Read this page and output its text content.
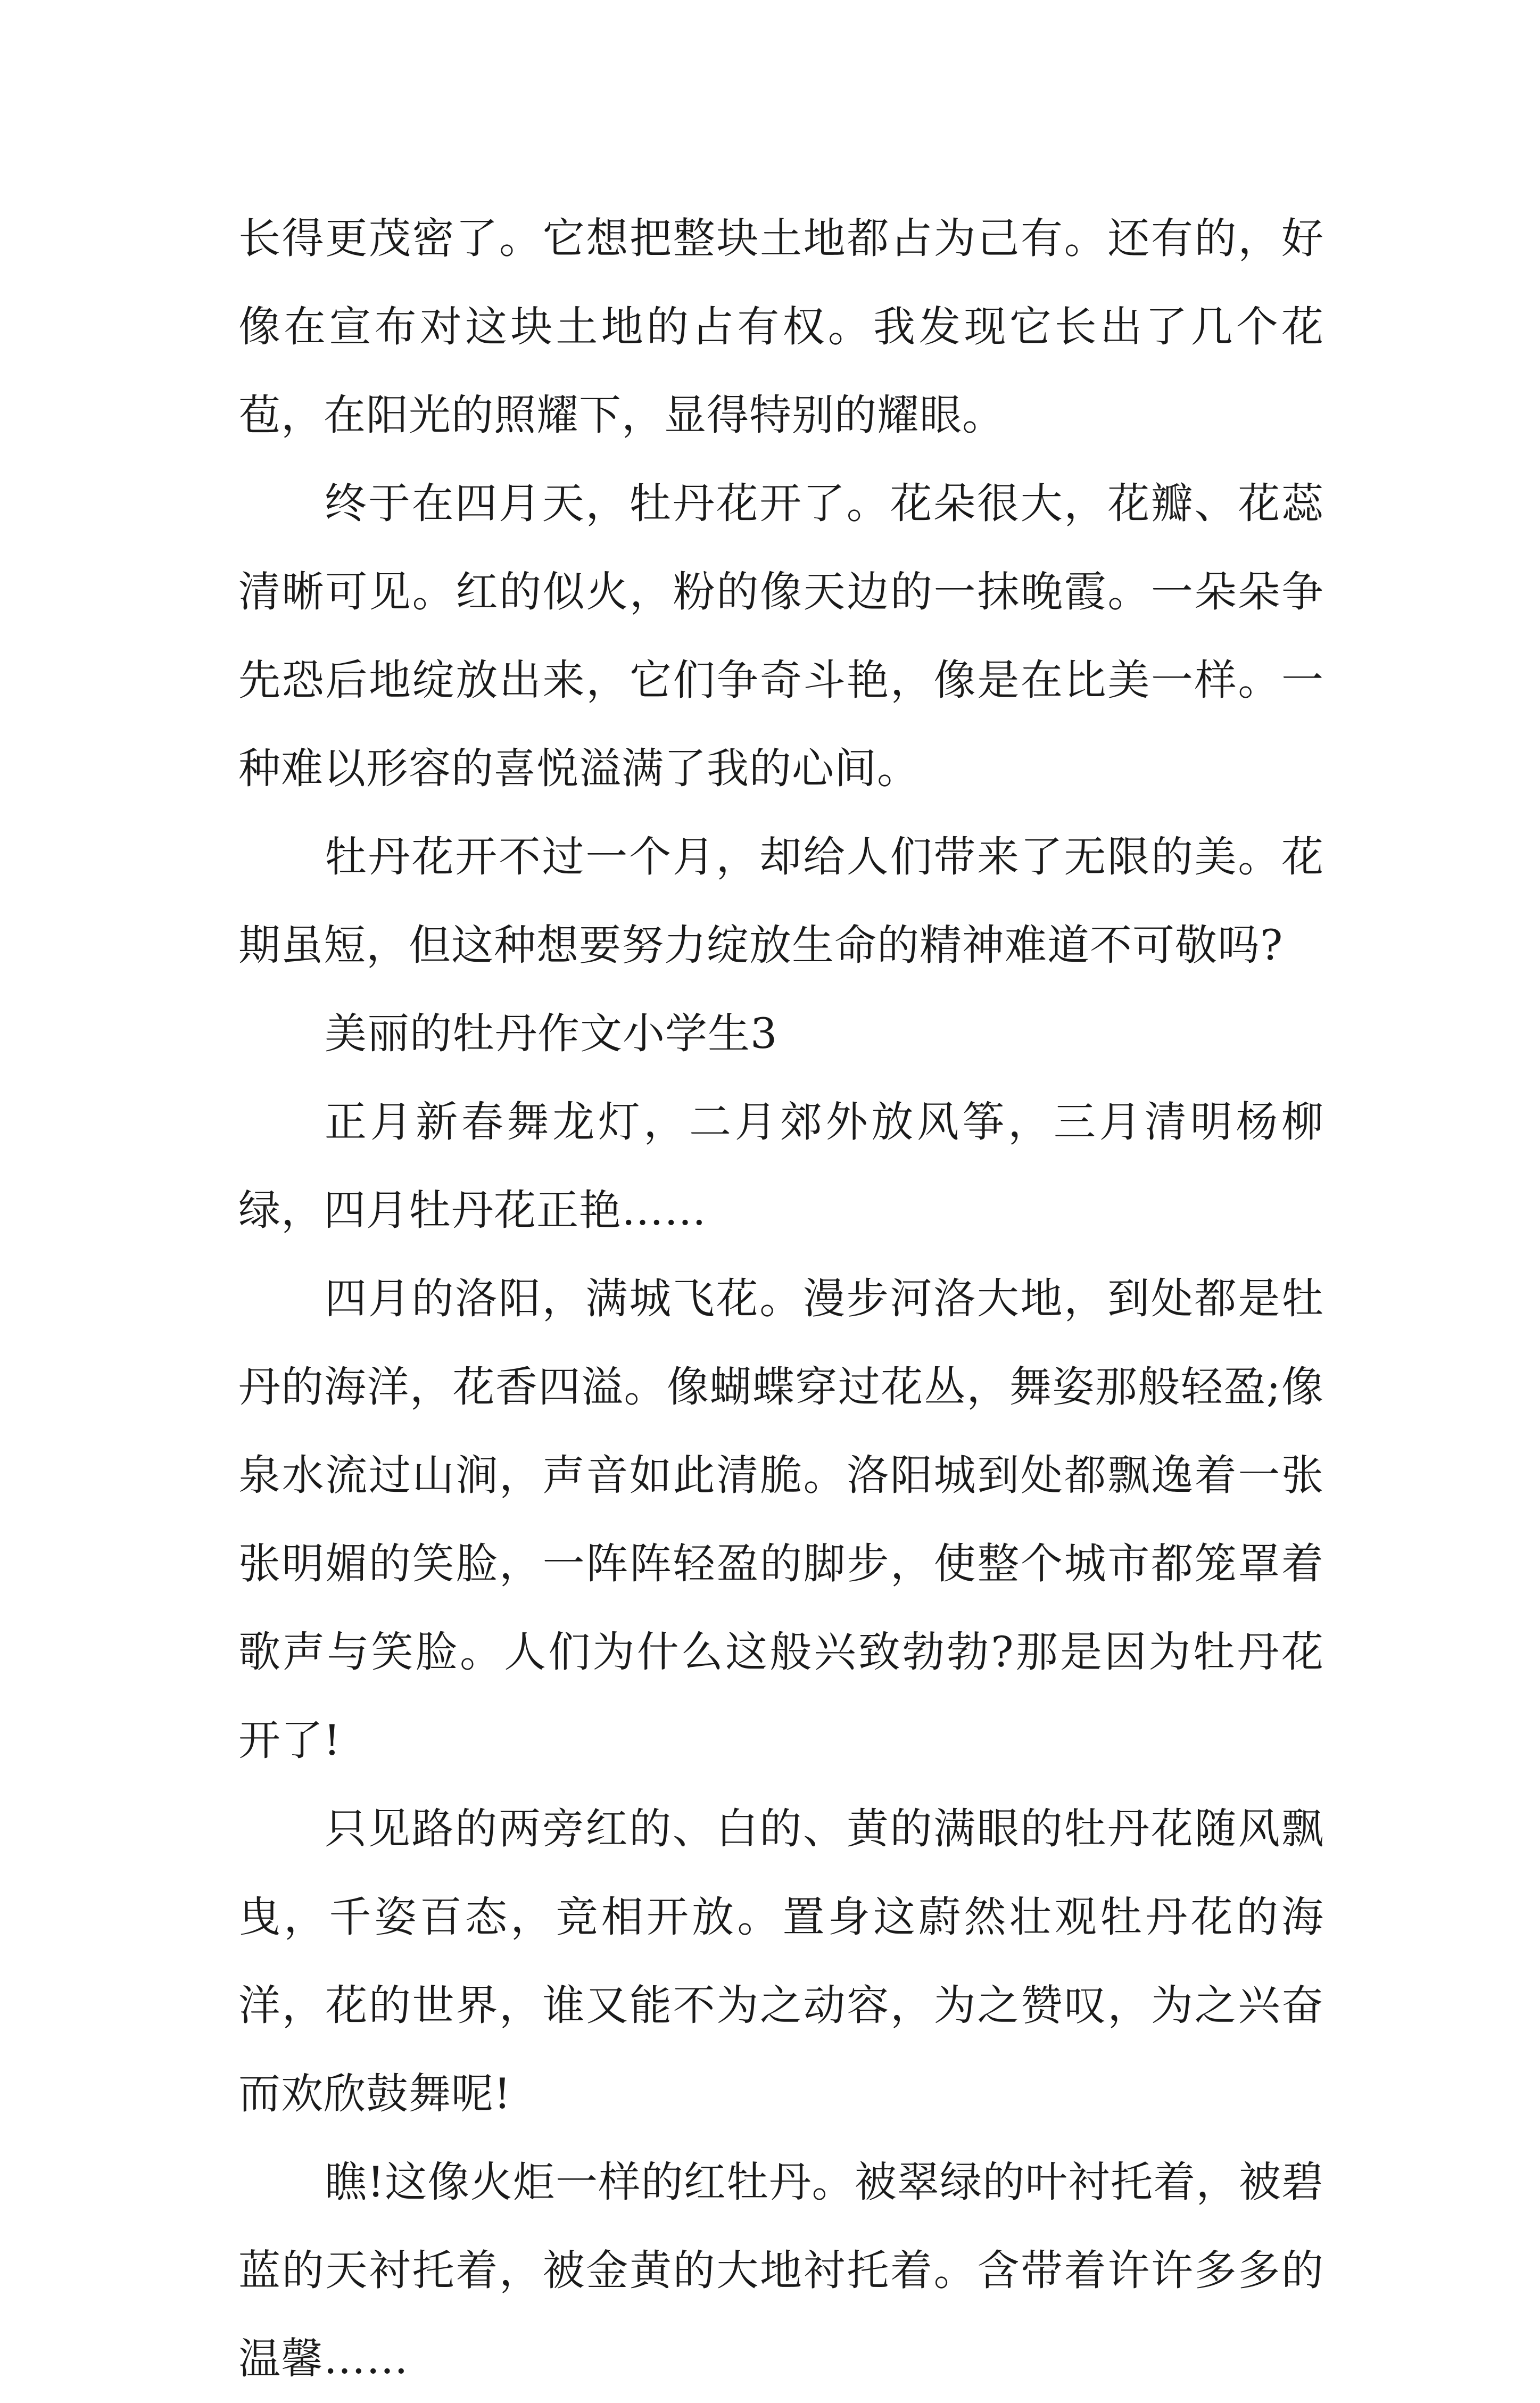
长得更茂密了。它想把整块土地都占为己有。还有的，好像在宣布对这块土地的占有权。我发现它长出了几个花苞，在阳光的照耀下，显得特别的耀眼。

终于在四月天，牡丹花开了。花朵很大，花瓣、花蕊清晰可见。红的似火，粉的像天边的一抹晚霞。一朵朵争先恐后地绽放出来，它们争奇斗艳，像是在比美一样。一种难以形容的喜悦溢满了我的心间。

牡丹花开不过一个月，却给人们带来了无限的美。花期虽短，但这种想要努力绽放生命的精神难道不可敬吗?

美丽的牡丹作文小学生3

正月新春舞龙灯，二月郊外放风筝，三月清明杨柳绿，四月牡丹花正艳……

四月的洛阳，满城飞花。漫步河洛大地，到处都是牡丹的海洋，花香四溢。像蝴蝶穿过花丛，舞姿那般轻盈;像泉水流过山涧，声音如此清脆。洛阳城到处都飘逸着一张张明媚的笑脸，一阵阵轻盈的脚步，使整个城市都笼罩着歌声与笑脸。人们为什么这般兴致勃勃?那是因为牡丹花开了!

只见路的两旁红的、白的、黄的满眼的牡丹花随风飘曳，千姿百态，竞相开放。置身这蔚然壮观牡丹花的海洋，花的世界，谁又能不为之动容，为之赞叹，为之兴奋而欢欣鼓舞呢!

瞧!这像火炬一样的红牡丹。被翠绿的叶衬托着，被碧蓝的天衬托着，被金黄的大地衬托着。含带着许许多多的温馨……
